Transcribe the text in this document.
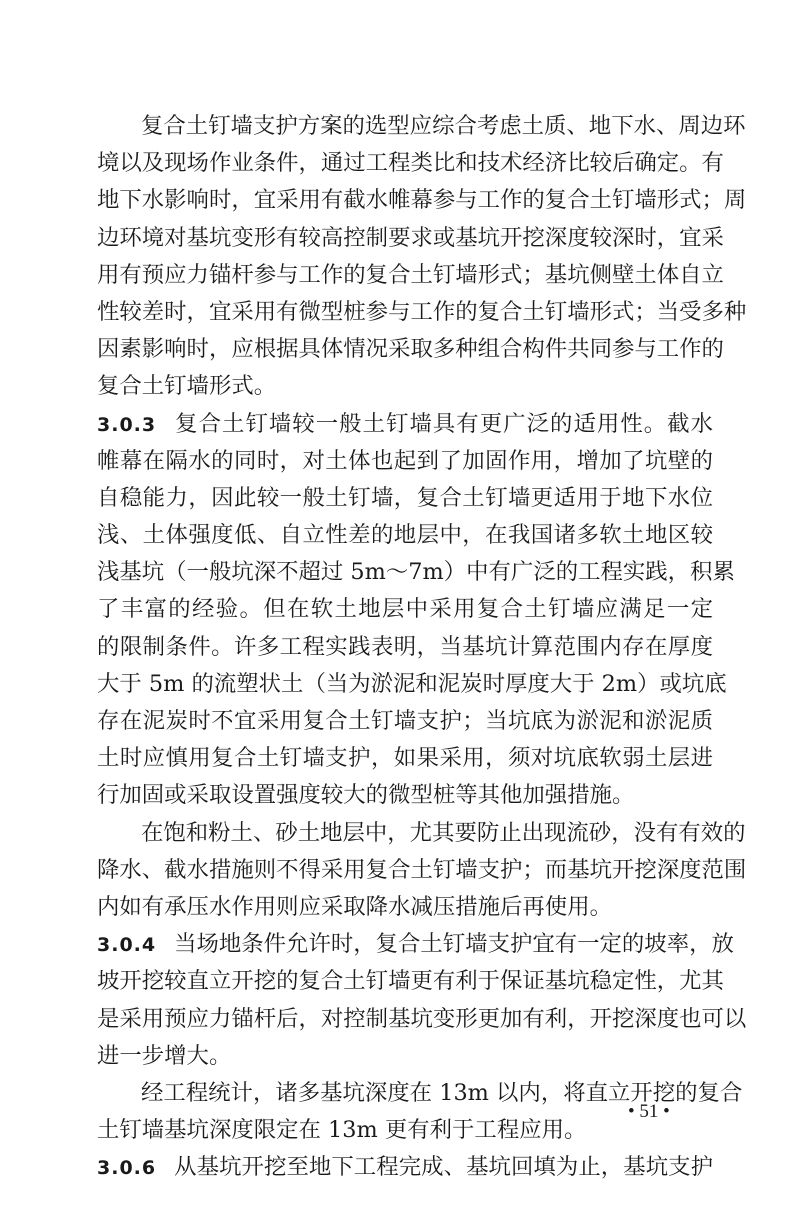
复合土钉墙支护方案的选型应综合考虑土质、地下水、周边环
境以及现场作业条件，通过工程类比和技术经济比较后确定。有
地下水影响时，宜采用有截水帷幕参与工作的复合土钉墙形式；周
边环境对基坑变形有较高控制要求或基坑开挖深度较深时，宜采
用有预应力锚杆参与工作的复合土钉墙形式；基坑侧壁土体自立
性较差时，宜采用有微型桩参与工作的复合土钉墙形式；当受多种
因素影响时，应根据具体情况采取多种组合构件共同参与工作的
复合土钉墙形式。
3.0.3 复合土钉墙较一般土钉墙具有更广泛的适用性。截水
帷幕在隔水的同时，对土体也起到了加固作用，增加了坑壁的
自稳能力，因此较一般土钉墙，复合土钉墙更适用于地下水位
浅、土体强度低、自立性差的地层中，在我国诸多软土地区较
浅基坑（一般坑深不超过 5m～7m）中有广泛的工程实践，积累
了丰富的经验。但在软土地层中采用复合土钉墙应满足一定
的限制条件。许多工程实践表明，当基坑计算范围内存在厚度
大于 5m 的流塑状土（当为淤泥和泥炭时厚度大于 2m）或坑底
存在泥炭时不宜采用复合土钉墙支护；当坑底为淤泥和淤泥质
土时应慎用复合土钉墙支护，如果采用，须对坑底软弱土层进
行加固或采取设置强度较大的微型桩等其他加强措施。
在饱和粉土、砂土地层中，尤其要防止出现流砂，没有有效的
降水、截水措施则不得采用复合土钉墙支护；而基坑开挖深度范围
内如有承压水作用则应采取降水减压措施后再使用。
3.0.4 当场地条件允许时，复合土钉墙支护宜有一定的坡率，放
坡开挖较直立开挖的复合土钉墙更有利于保证基坑稳定性，尤其
是采用预应力锚杆后，对控制基坑变形更加有利，开挖深度也可以
进一步增大。
经工程统计，诸多基坑深度在 13m 以内，将直立开挖的复合
土钉墙基坑深度限定在 13m 更有利于工程应用。
3.0.6 从基坑开挖至地下工程完成、基坑回填为止，基坑支护
• 51 •
